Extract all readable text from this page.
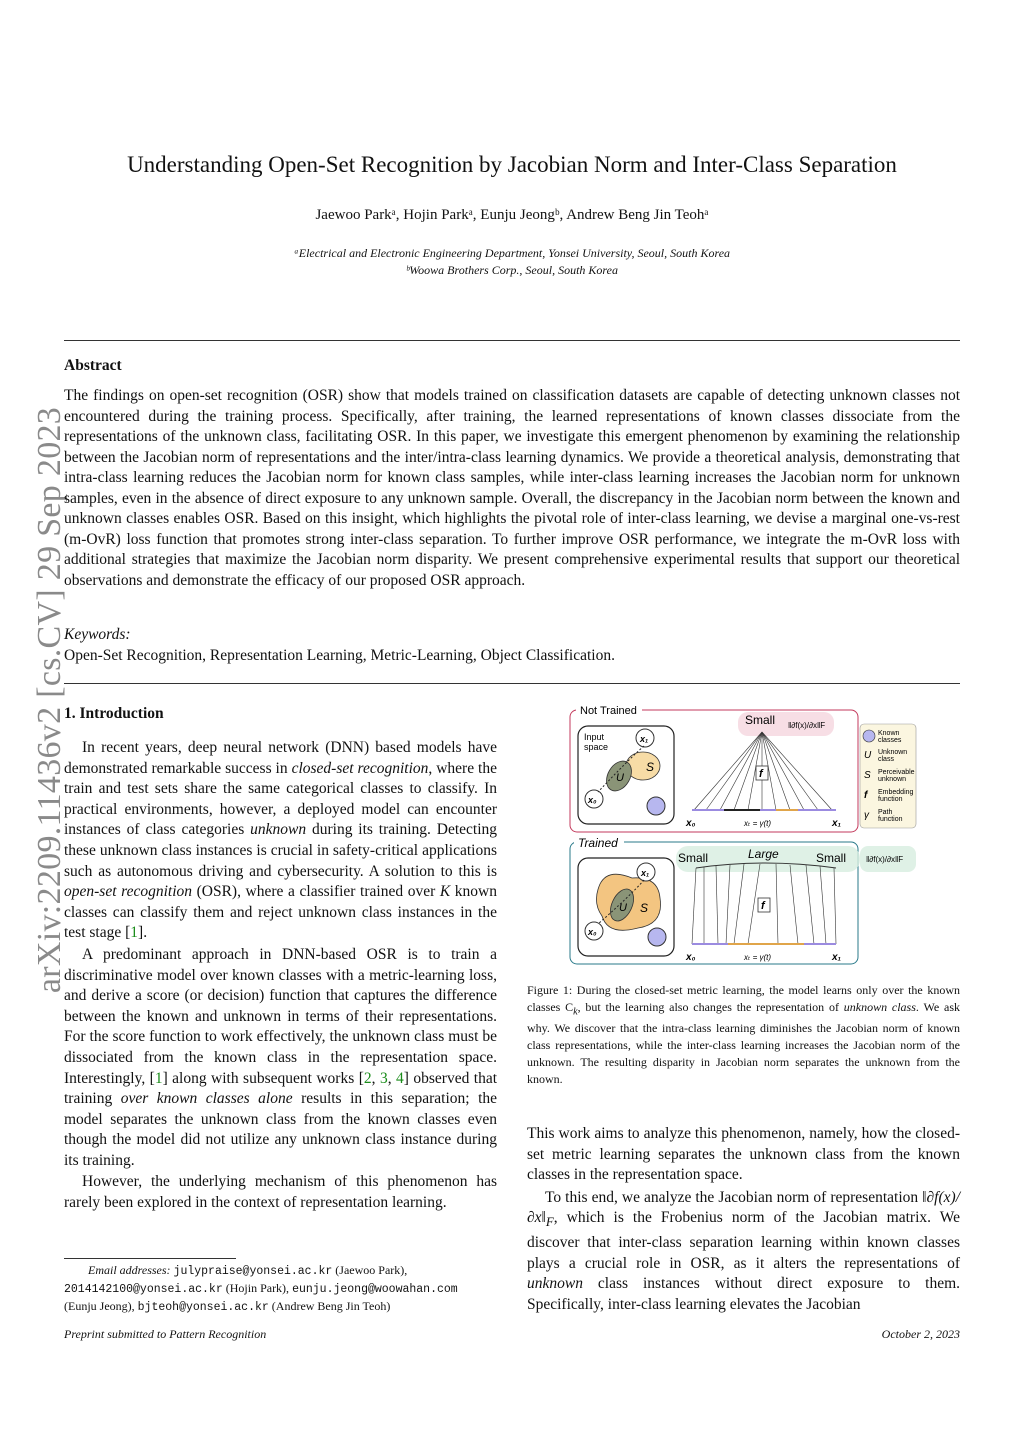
Understanding Open-Set Recognition by Jacobian Norm and Inter-Class Separation
Jaewoo Parkᵃ, Hojin Parkᵃ, Eunju Jeongᵇ, Andrew Beng Jin Teohᵃ
ᵃElectrical and Electronic Engineering Department, Yonsei University, Seoul, South Korea
ᵇWoowa Brothers Corp., Seoul, South Korea
arXiv:2209.11436v2 [cs.CV] 29 Sep 2023
Abstract
The findings on open-set recognition (OSR) show that models trained on classification datasets are capable of detecting unknown classes not encountered during the training process. Specifically, after training, the learned representations of known classes dissociate from the representations of the unknown class, facilitating OSR. In this paper, we investigate this emergent phenomenon by examining the relationship between the Jacobian norm of representations and the inter/intra-class learning dynamics. We provide a theoretical analysis, demonstrating that intra-class learning reduces the Jacobian norm for known class samples, while inter-class learning increases the Jacobian norm for unknown samples, even in the absence of direct exposure to any unknown sample. Overall, the discrepancy in the Jacobian norm between the known and unknown classes enables OSR. Based on this insight, which highlights the pivotal role of inter-class learning, we devise a marginal one-vs-rest (m-OvR) loss function that promotes strong inter-class separation. To further improve OSR performance, we integrate the m-OvR loss with additional strategies that maximize the Jacobian norm disparity. We present comprehensive experimental results that support our theoretical observations and demonstrate the efficacy of our proposed OSR approach.
Keywords:
Open-Set Recognition, Representation Learning, Metric-Learning, Object Classification.
1. Introduction

In recent years, deep neural network (DNN) based models have demonstrated remarkable success in closed-set recognition, where the train and test sets share the same categorical classes to classify. In practical environments, however, a deployed model can encounter instances of class categories unknown during its training. Detecting these unknown class instances is crucial in safety-critical applications such as autonomous driving and cybersecurity. A solution to this is open-set recognition (OSR), where a classifier trained over K known classes can classify them and reject unknown class instances in the test stage [1].

A predominant approach in DNN-based OSR is to train a discriminative model over known classes with a metric-learning loss, and derive a score (or decision) function that captures the difference between the known and unknown in terms of their representations. For the score function to work effectively, the unknown class must be dissociated from the known class in the representation space. Interestingly, [1] along with subsequent works [2, 3, 4] observed that training over known classes alone results in this separation; the model separates the unknown class from the known classes even though the model did not utilize any unknown class instance during its training.

However, the underlying mechanism of this phenomenon has rarely been explored in the context of representation learning.

Email addresses: julypraise@yonsei.ac.kr (Jaewoo Park),
2014142100@yonsei.ac.kr (Hojin Park), eunju.jeong@woowahan.com
(Eunju Jeong), bjteoh@yonsei.ac.kr (Andrew Beng Jin Teoh)
Not Trained
Input
space
x₁
x₀
U
S
Small ‖∂f(x)/∂x‖F
f
x₀	xₜ = γ(t)	x₁
Known
classes
U Unknown
class
S Perceivable
unknown
f Embedding
function
γ Path
function
Trained
x₁
x₀
U S
Small	Large	Small ‖∂f(x)/∂x‖F
f
x₀	xₜ = γ(t)	x₁
Figure 1: During the closed-set metric learning, the model learns only over the known classes $C_k$, but the learning also changes the representation of unknown class. We ask why. We discover that the intra-class learning diminishes the Jacobian norm of known class representations, while the inter-class learning increases the Jacobian norm of the unknown. The resulting disparity in Jacobian norm separates the unknown from the known.

This work aims to analyze this phenomenon, namely, how the closed-set metric learning separates the unknown class from the known classes in the representation space.

To this end, we analyze the Jacobian norm of representation $‖\partial f(x)/\partial x‖_F$, which is the Frobenius norm of the Jacobian matrix. We discover that inter-class separation learning within known classes plays a crucial role in OSR, as it alters the representations of unknown class instances without direct exposure to them. Specifically, inter-class learning elevates the Jacobian

Preprint submitted to Pattern Recognition	October 2, 2023
